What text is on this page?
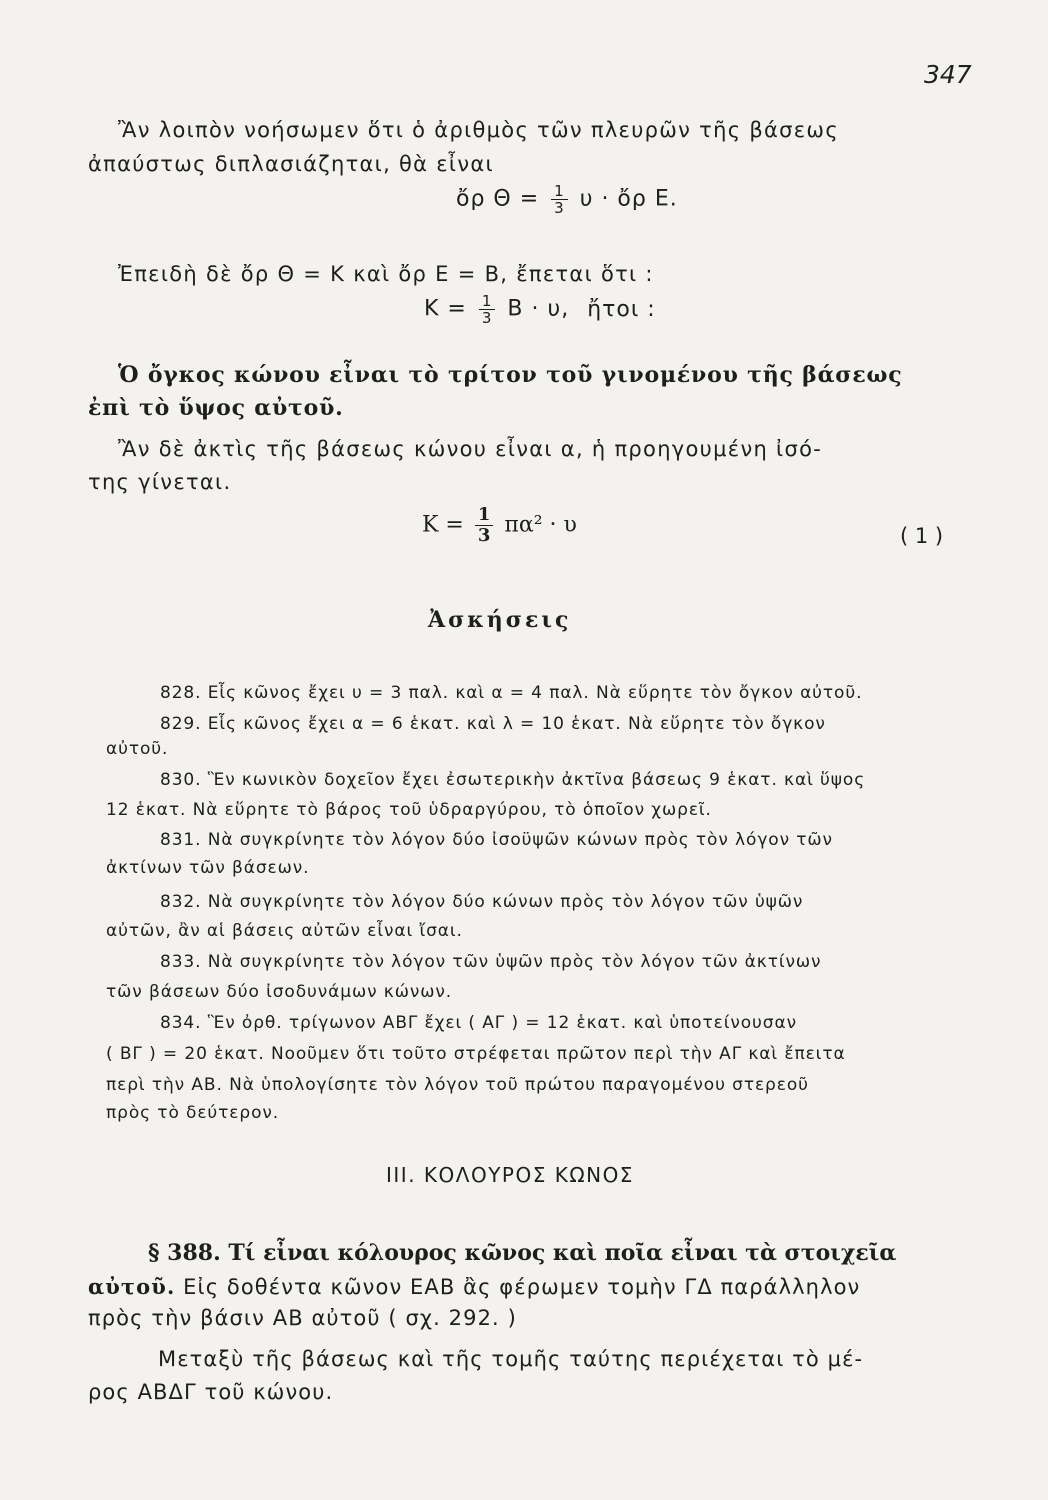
347
Ἂν λοιπὸν νοήσωμεν ὅτι ὁ ἀριθμὸς τῶν πλευρῶν τῆς βάσεως
ἀπαύστως διπλασιάζηται, θὰ εἶναι
ὄρ $\Theta = \frac{1}{3}$ υ · ὄρ Ε.
Ἐπειδὴ δὲ ὄρ Θ = Κ καὶ ὄρ Ε = Β, ἔπεται ὅτι :
$K = \frac{1}{3}$ Β · υ, ἤτοι :
Ὁ ὄγκος κώνου εἶναι τὸ τρίτον τοῦ γινομένου τῆς βάσεως
ἐπὶ τὸ ὕψος αὐτοῦ.
Ἂν δὲ ἀκτὶς τῆς βάσεως κώνου εἶναι α, ἡ προηγουμένη ἰσό-
της γίνεται.
$K = \frac{1}{3} \pi\alpha^2 \cdot \upsilon$	( 1 )
Ἀσκήσεις
828. Εἷς κῶνος ἔχει υ = 3 παλ. καὶ α = 4 παλ. Νὰ εὕρητε τὸν ὄγκον αὐτοῦ.
829. Εἷς κῶνος ἔχει α = 6 ἑκατ. καὶ λ = 10 ἑκατ. Νὰ εὕρητε τὸν ὄγκον
αὐτοῦ.
830. Ἓν κωνικὸν δοχεῖον ἔχει ἐσωτερικὴν ἀκτῖνα βάσεως 9 ἑκατ. καὶ ὕψος
12 ἑκατ. Νὰ εὕρητε τὸ βάρος τοῦ ὑδραργύρου, τὸ ὁποῖον χωρεῖ.
831. Νὰ συγκρίνητε τὸν λόγον δύο ἰσοϋψῶν κώνων πρὸς τὸν λόγον τῶν
ἀκτίνων τῶν βάσεων.
832. Νὰ συγκρίνητε τὸν λόγον δύο κώνων πρὸς τὸν λόγον τῶν ὑψῶν
αὐτῶν, ἂν αἱ βάσεις αὐτῶν εἶναι ἴσαι.
833. Νὰ συγκρίνητε τὸν λόγον τῶν ὑψῶν πρὸς τὸν λόγον τῶν ἀκτίνων
τῶν βάσεων δύο ἰσοδυνάμων κώνων.
834. Ἓν ὀρθ. τρίγωνον ΑΒΓ ἔχει ( ΑΓ ) = 12 ἑκατ. καὶ ὑποτείνουσαν
( ΒΓ ) = 20 ἑκατ. Νοοῦμεν ὅτι τοῦτο στρέφεται πρῶτον περὶ τὴν ΑΓ καὶ ἔπειτα
περὶ τὴν ΑΒ. Νὰ ὑπολογίσητε τὸν λόγον τοῦ πρώτου παραγομένου στερεοῦ
πρὸς τὸ δεύτερον.
ΙΙΙ. ΚΟΛΟΥΡΟΣ ΚΩΝΟΣ
§ 388. Τί εἶναι κόλουρος κῶνος καὶ ποῖα εἶναι τὰ στοιχεῖα
αὐτοῦ. Εἰς δοθέντα κῶνον ΕΑΒ ἂς φέρωμεν τομὴν ΓΔ παράλληλον
πρὸς τὴν βάσιν ΑΒ αὐτοῦ ( σχ. 292. )
Μεταξὺ τῆς βάσεως καὶ τῆς τομῆς ταύτης περιέχεται τὸ μέ-
ρος ΑΒΔΓ τοῦ κώνου.
